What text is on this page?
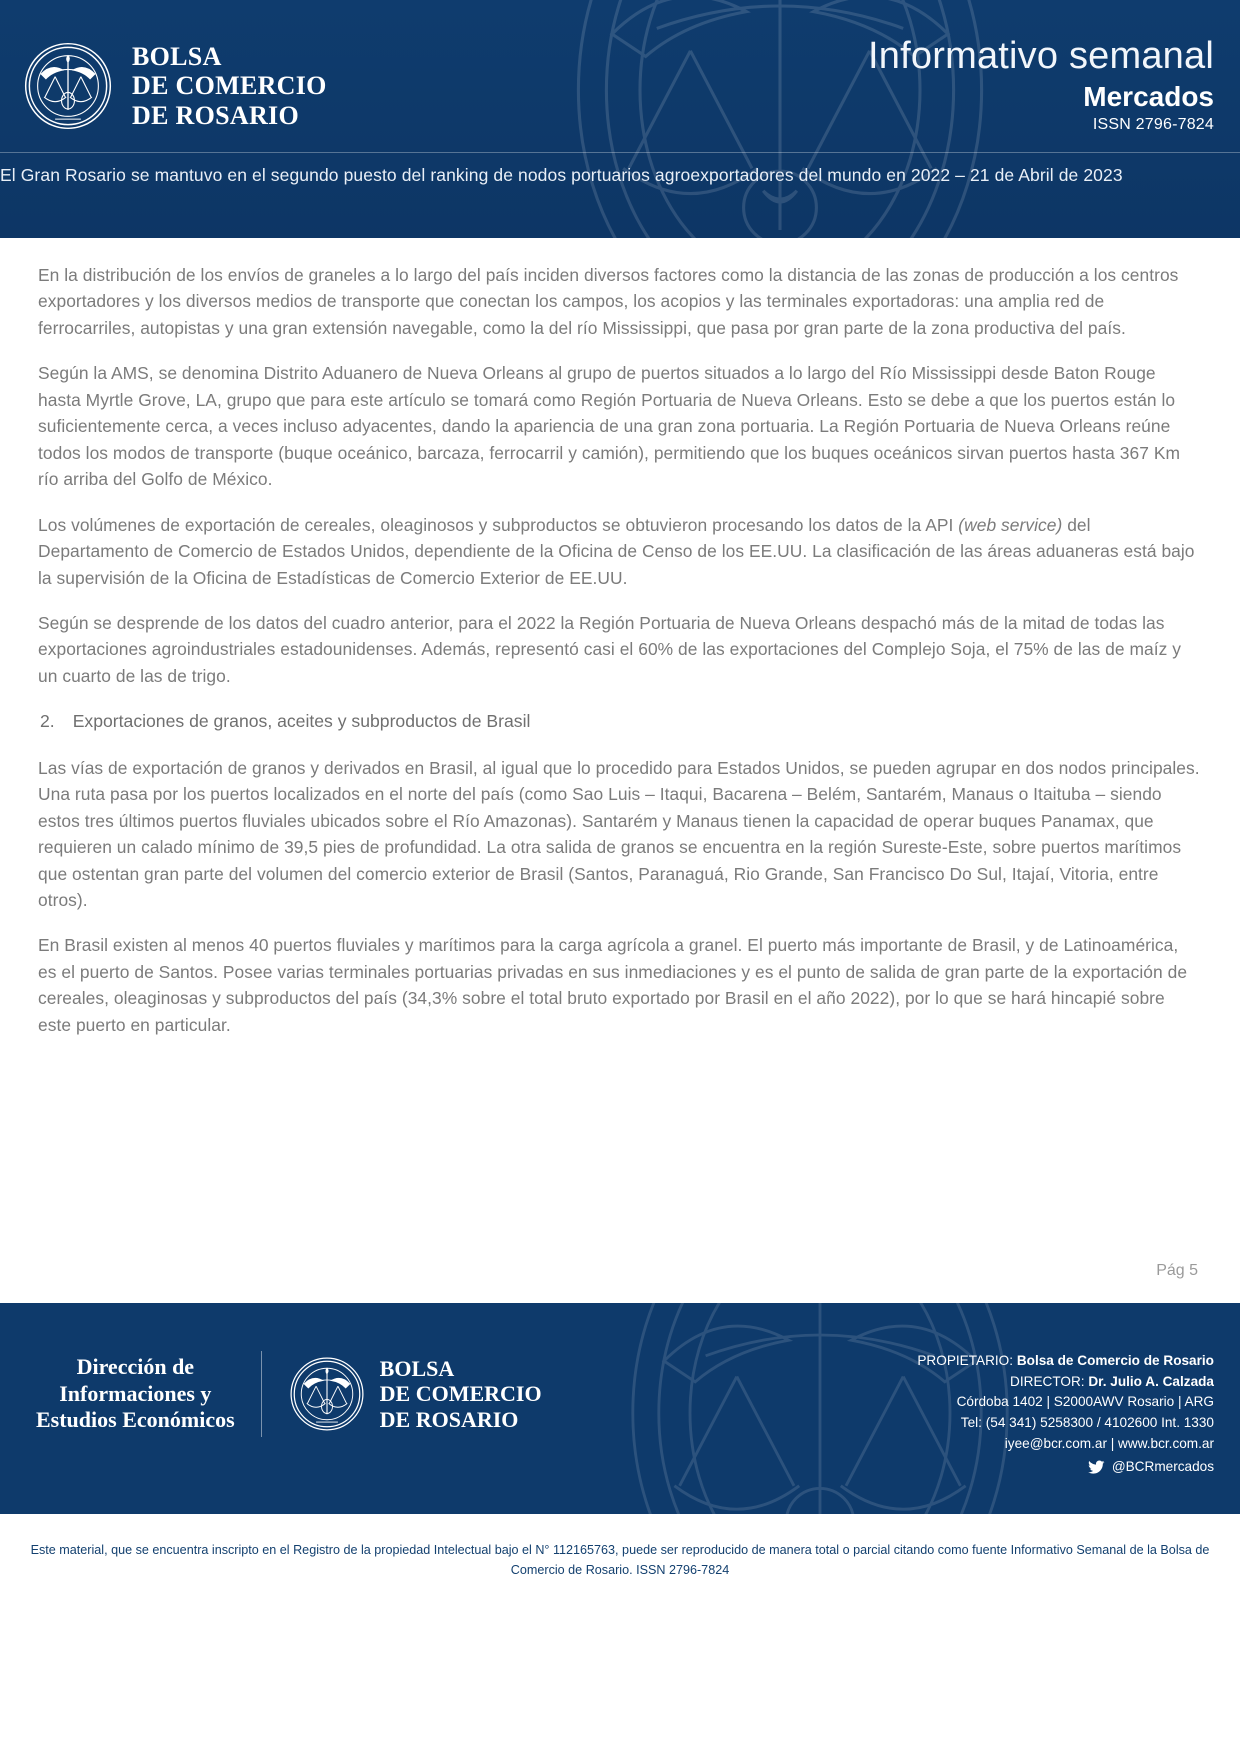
BOLSA
DE COMERCIO
DE ROSARIO
Informativo semanal
Mercados
ISSN 2796-7824
El Gran Rosario se mantuvo en el segundo puesto del ranking de nodos portuarios agroexportadores del mundo en 2022 – 21 de Abril de 2023

En la distribución de los envíos de graneles a lo largo del país inciden diversos factores como la distancia de las zonas de producción a los centros exportadores y los diversos medios de transporte que conectan los campos, los acopios y las terminales exportadoras: una amplia red de ferrocarriles, autopistas y una gran extensión navegable, como la del río Mississippi, que pasa por gran parte de la zona productiva del país.

Según la AMS, se denomina Distrito Aduanero de Nueva Orleans al grupo de puertos situados a lo largo del Río Mississippi desde Baton Rouge hasta Myrtle Grove, LA, grupo que para este artículo se tomará como Región Portuaria de Nueva Orleans. Esto se debe a que los puertos están lo suficientemente cerca, a veces incluso adyacentes, dando la apariencia de una gran zona portuaria. La Región Portuaria de Nueva Orleans reúne todos los modos de transporte (buque oceánico, barcaza, ferrocarril y camión), permitiendo que los buques oceánicos sirvan puertos hasta 367 Km río arriba del Golfo de México.

Los volúmenes de exportación de cereales, oleaginosos y subproductos se obtuvieron procesando los datos de la API (web service) del Departamento de Comercio de Estados Unidos, dependiente de la Oficina de Censo de los EE.UU. La clasificación de las áreas aduaneras está bajo la supervisión de la Oficina de Estadísticas de Comercio Exterior de EE.UU.

Según se desprende de los datos del cuadro anterior, para el 2022 la Región Portuaria de Nueva Orleans despachó más de la mitad de todas las exportaciones agroindustriales estadounidenses. Además, representó casi el 60% de las exportaciones del Complejo Soja, el 75% de las de maíz y un cuarto de las de trigo.

2. Exportaciones de granos, aceites y subproductos de Brasil

Las vías de exportación de granos y derivados en Brasil, al igual que lo procedido para Estados Unidos, se pueden agrupar en dos nodos principales. Una ruta pasa por los puertos localizados en el norte del país (como Sao Luis – Itaqui, Bacarena – Belém, Santarém, Manaus o Itaituba – siendo estos tres últimos puertos fluviales ubicados sobre el Río Amazonas). Santarém y Manaus tienen la capacidad de operar buques Panamax, que requieren un calado mínimo de 39,5 pies de profundidad. La otra salida de granos se encuentra en la región Sureste-Este, sobre puertos marítimos que ostentan gran parte del volumen del comercio exterior de Brasil (Santos, Paranaguá, Rio Grande, San Francisco Do Sul, Itajaí, Vitoria, entre otros).

En Brasil existen al menos 40 puertos fluviales y marítimos para la carga agrícola a granel. El puerto más importante de Brasil, y de Latinoamérica, es el puerto de Santos. Posee varias terminales portuarias privadas en sus inmediaciones y es el punto de salida de gran parte de la exportación de cereales, oleaginosas y subproductos del país (34,3% sobre el total bruto exportado por Brasil en el año 2022), por lo que se hará hincapié sobre este puerto en particular.

Pág 5
Dirección de
Informaciones y
Estudios Económicos
BOLSA
DE COMERCIO
DE ROSARIO
PROPIETARIO: Bolsa de Comercio de Rosario
DIRECTOR: Dr. Julio A. Calzada
Córdoba 1402 | S2000AWV Rosario | ARG
Tel: (54 341) 5258300 / 4102600 Int. 1330
iyee@bcr.com.ar | www.bcr.com.ar
@BCRmercados
Este material, que se encuentra inscripto en el Registro de la propiedad Intelectual bajo el N° 112165763, puede ser reproducido de manera total o parcial citando como fuente Informativo Semanal de la Bolsa de Comercio de Rosario. ISSN 2796-7824
